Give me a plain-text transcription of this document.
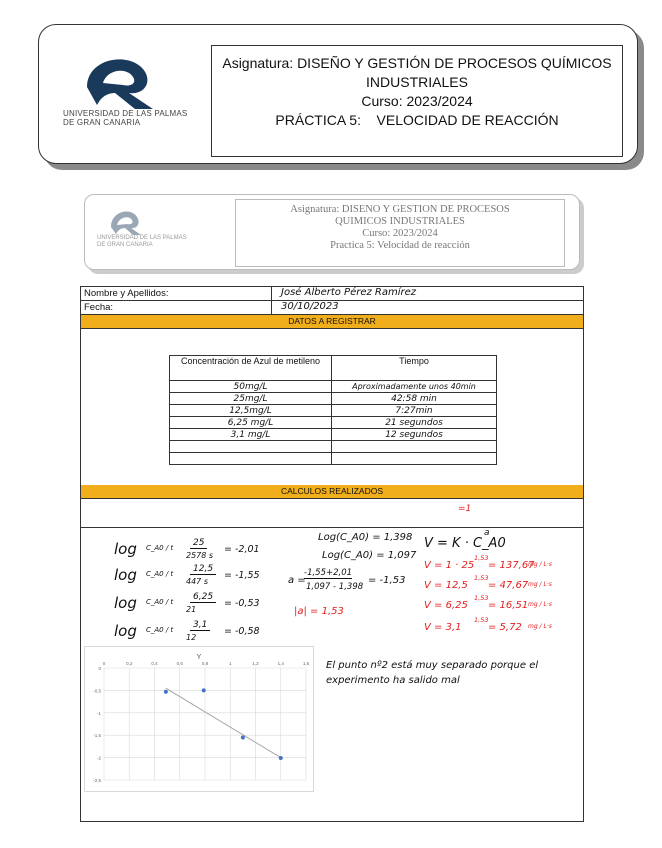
UNIVERSIDAD DE LAS PALMAS
DE GRAN CANARIA
Asignatura: DISEÑO Y GESTIÓN DE PROCESOS QUÍMICOS
INDUSTRIALES
Curso: 2023/2024
PRÁCTICA 5:    VELOCIDAD DE REACCIÓN
UNIVERSIDAD DE LAS PALMAS
DE GRAN CANARIA
Asignatura: DISENO Y GESTION DE PROCESOS
QUIMICOS INDUSTRIALES
Curso: 2023/2024
Practica 5: Velocidad de reacción
Nombre y Apellidos:	José Alberto Pérez Ramírez
Fecha:	30/10/2023
DATOS A REGISTRAR
Concentración de Azul de metileno	Tiempo
50mg/L	Aproximadamente unos 40min
25mg/L	42:58 min
12,5mg/L	7:27min
6,25 mg/L	21 segundos
3,1 mg/L	12 segundos

CALCULOS REALIZADOS
log C_A0 / t	25
2578 s
= -2,01
log C_A0 / t	12,5
447 s
= -1,55
log C_A0 / t	6,25
21
= -0,53
log C_A0 / t	3,1
12
= -0,58
Log(C_A0) = 1,398
Log(C_A0) = 1,097
a =
-1,55+2,01
1,097 - 1,398
= -1,53
|a| = 1,53
=1
V = K · C_A0
a
V = 1 · 25
1,53
= 137,67
mg / L·s
V = 12,5
1,53
= 47,67 mg / L·s
V = 6,25
1,53
= 16,51 mg / L·s
V = 3,1
1,53
= 5,72 mg / L·s
El punto nº2 está muy separado porque el
experimento ha salido mal
Y
0
-0,5
-1
-1,5
-2
-2,5
0	0,2	0,4	0,6	0,8	1	1,2	1,4	1,6
